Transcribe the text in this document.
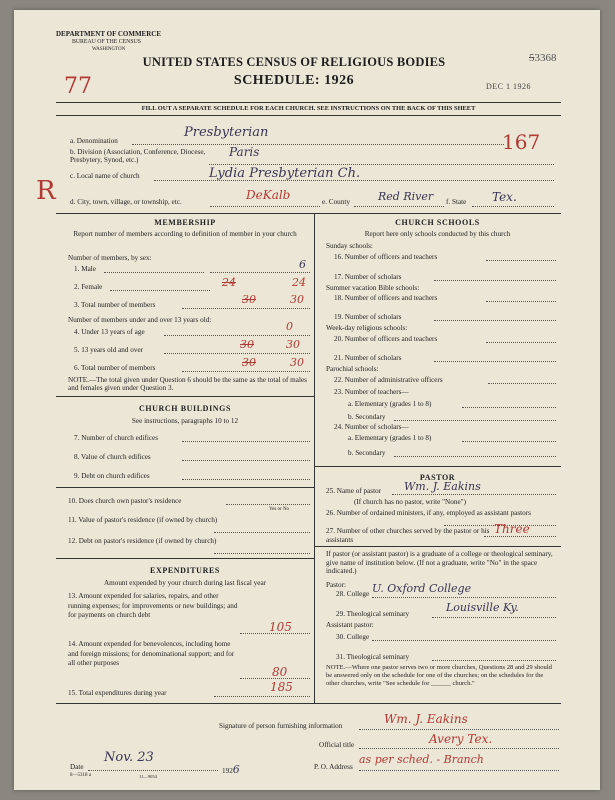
DEPARTMENT OF COMMERCE
BUREAU OF THE CENSUS
WASHINGTON
UNITED STATES CENSUS OF RELIGIOUS BODIES
SCHEDULE: 1926
53368
DEC 1 1926
77
FILL OUT A SEPARATE SCHEDULE FOR EACH CHURCH. SEE INSTRUCTIONS ON THE BACK OF THIS SHEET
a. Denomination
Presbyterian	167
b. Division (Association, Conference, Diocese, Presbytery, Synod, etc.)
Paris
c. Local name of church	Lydia Presbyterian Ch.
R d. City, town, village, or township, etc.	DeKalb	e. County	Red River f. State Tex.
MEMBERSHIP
Report number of members according to definition of member in your church
Number of members, by sex:
1. Male	6
2. Female	24	24
3. Total number of members	30	30
Number of members under and over 13 years old:
4. Under 13 years of age	0
5. 13 years old and over	30	30
6. Total number of members	30	30
NOTE.—The total given under Question 6 should be the same as the total of males and females given under Question 3.
CHURCH BUILDINGS
See instructions, paragraphs 10 to 12
7. Number of church edifices
8. Value of church edifices
9. Debt on church edifices
10. Does church own pastor's residence
Yes or No
11. Value of pastor's residence (if owned by church)
12. Debt on pastor's residence (if owned by church)
EXPENDITURES
Amount expended by your church during last fiscal year
13. Amount expended for salaries, repairs, and other running expenses; for improvements or new buildings; and for payments on church debt
105
14. Amount expended for benevolences, including home and foreign missions; for denominational support; and for all other purposes
80
15. Total expenditures during year	185
CHURCH SCHOOLS
Report here only schools conducted by this church
Sunday schools:
16. Number of officers and teachers
17. Number of scholars
Summer vacation Bible schools:
18. Number of officers and teachers
19. Number of scholars
Week-day religious schools:
20. Number of officers and teachers
21. Number of scholars
Parochial schools:
22. Number of administrative officers
23. Number of teachers—
a. Elementary (grades 1 to 8)
b. Secondary
24. Number of scholars—
a. Elementary (grades 1 to 8)
b. Secondary
PASTOR
25. Name of pastor Wm. J. Eakins
(If church has no pastor, write "None")
26. Number of ordained ministers, if any, employed as assistant pastors
27. Number of other churches served by the pastor or his assistants
Three
If pastor (or assistant pastor) is a graduate of a college or theological seminary, give name of institution below. (If not a graduate, write "No" in the space indicated.)
Pastor:
28. College U. Oxford College
29. Theological seminary	Louisville Ky.
Assistant pastor:
30. College
31. Theological seminary
NOTE.—Where one pastor serves two or more churches, Questions 28 and 29 should be answered only on the schedule for one of the churches; on the schedules for the other churches, write "See schedule for ______ church."
Signature of person furnishing information	Wm. J. Eakins
Official title	Avery Tex.
Date
Nov. 23
1926	P. O. Address
as per sched. - Branch
8—5318 a	11—9054
